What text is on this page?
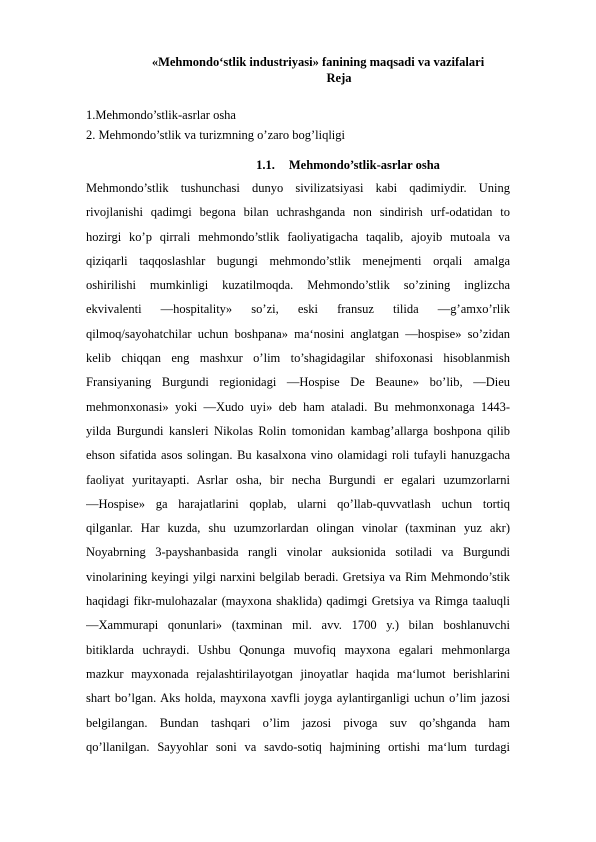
«Mehmondo‘stlik industriyasi» fanining maqsadi va vazifalari
Reja
1.Mehmondo’stlik-asrlar osha
2. Mehmondo’stlik va turizmning o’zaro bog’liqligi
1.1. Mehmondo’stlik-asrlar osha
Mehmondo’stlik tushunchasi dunyo sivilizatsiyasi kabi qadimiydir. Uning
rivojlanishi qadimgi begona bilan uchrashganda non sindirish urf-odatidan to
hozirgi ko’p qirrali mehmondo’stlik faoliyatigacha taqalib, ajoyib mutoala va
qiziqarli taqqoslashlar bugungi mehmondo’stlik menejmenti orqali amalga
oshirilishi mumkinligi kuzatilmoqda. Mehmondo’stlik so’zining inglizcha
ekvivalenti ―hospitality» so’zi, eski fransuz tilida ―g’amxo’rlik
qilmoq/sayohatchilar uchun boshpana» ma‘nosini anglatgan ―hospise» so’zidan
kelib chiqqan eng mashxur o’lim to’shagidagilar shifoxonasi hisoblanmish
Fransiyaning Burgundi regionidagi ―Hospise De Beaune» bo’lib, ―Dieu
mehmonxonasi» yoki ―Xudo uyi» deb ham ataladi. Bu mehmonxonaga 1443-
yilda Burgundi kansleri Nikolas Rolin tomonidan kambag’allarga boshpona qilib
ehson sifatida asos solingan. Bu kasalxona vino olamidagi roli tufayli hanuzgacha
faoliyat yuritayapti. Asrlar osha, bir necha Burgundi er egalari uzumzorlarni
―Hospise» ga harajatlarini qoplab, ularni qo’llab-quvvatlash uchun tortiq
qilganlar. Har kuzda, shu uzumzorlardan olingan vinolar (taxminan yuz akr)
Noyabrning 3-payshanbasida rangli vinolar auksionida sotiladi va Burgundi
vinolarining keyingi yilgi narxini belgilab beradi. Gretsiya va Rim Mehmondo’stik
haqidagi fikr-mulohazalar (mayxona shaklida) qadimgi Gretsiya va Rimga taaluqli
―Xammurapi qonunlari» (taxminan mil. avv. 1700 y.) bilan boshlanuvchi
bitiklarda uchraydi. Ushbu Qonunga muvofiq mayxona egalari mehmonlarga
mazkur mayxonada rejalashtirilayotgan jinoyatlar haqida ma‘lumot berishlarini
shart bo’lgan. Aks holda, mayxona xavfli joyga aylantirganligi uchun o’lim jazosi
belgilangan. Bundan tashqari o’lim jazosi pivoga suv qo’shganda ham
qo’llanilgan. Sayyohlar soni va savdo-sotiq hajmining ortishi ma‘lum turdagi
